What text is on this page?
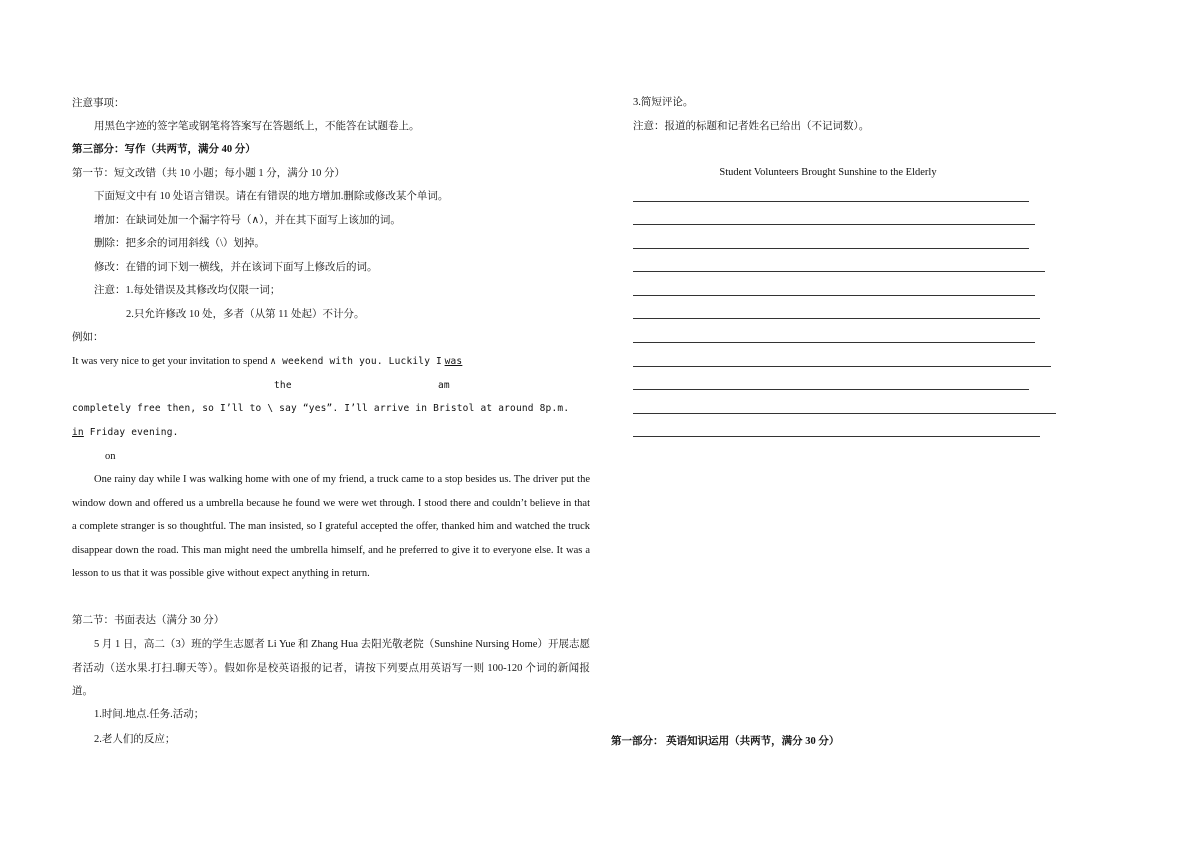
注意事项：
用黑色字迹的签字笔或钢笔将答案写在答题纸上，不能答在试题卷上。
第三部分：写作（共两节，满分 40 分）
第一节：短文改错（共 10 小题；每小题 1 分，满分 10 分）
下面短文中有 10 处语言错误。请在有错误的地方增加.删除或修改某个单词。
增加：在缺词处加一个漏字符号（∧），并在其下面写上该加的词。
删除：把多余的词用斜线（\）划掉。
修改：在错的词下划一横线，并在该词下面写上修改后的词。
注意：1.每处错误及其修改均仅限一词；
2.只允许修改 10 处，多者（从第 11 处起）不计分。
例如：
It was very nice to get your invitation to spend ∧ weekend with you. Luckily I was
the	am
completely free then, so I’ll to \ say “yes”. I’ll arrive in Bristol at around 8p.m.
in Friday evening.
on
One rainy day while I was walking home with one of my friend, a truck came to a stop besides us. The driver put the window down and offered us a umbrella because he found we were wet through. I stood there and couldn’t believe in that a complete stranger is so thoughtful. The man insisted, so I grateful accepted the offer, thanked him and watched the truck disappear down the road. This man might need the umbrella himself, and he preferred to give it to everyone else. It was a lesson to us that it was possible give without expect anything in return.
第二节：书面表达（满分 30 分）
5 月 1 日，高二（3）班的学生志愿者 Li Yue 和 Zhang Hua 去阳光敬老院（Sunshine Nursing Home）开展志愿者活动（送水果.打扫.聊天等）。假如你是校英语报的记者，请按下列要点用英语写一则 100-120 个词的新闻报道。
1.时间.地点.任务.活动；
2.老人们的反应；
3.简短评论。
注意：报道的标题和记者姓名已给出（不记词数）。
Student Volunteers Brought Sunshine to the Elderly
第一部分： 英语知识运用（共两节，满分 30 分）
